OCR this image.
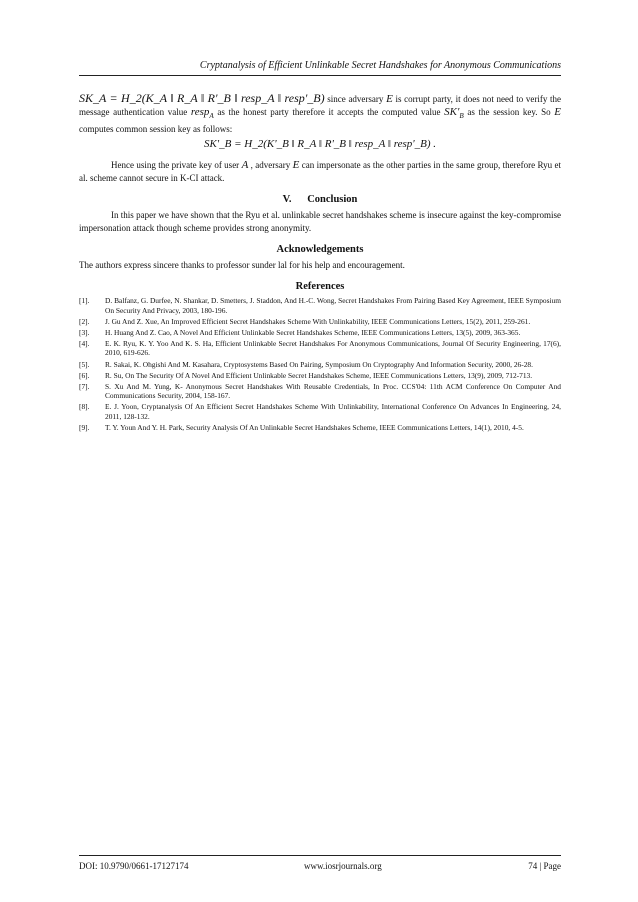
Cryptanalysis of Efficient Unlinkable Secret Handshakes for Anonymous Communications

SK_A = H_2(K_A ‖ R_A ‖ R'_B ‖ resp_A ‖ resp'_B) since adversary E is corrupt party, it does not need to verify the message authentication value resp$_A$ as the honest party therefore it accepts the computed value $SK'_B$ as the session key. So E computes common session key as follows:

SK'_B = H_2(K'_B ‖ R_A ‖ R'_B ‖ resp_A ‖ resp'_B) .

Hence using the private key of user A , adversary E can impersonate as the other parties in the same group, therefore Ryu et al. scheme cannot secure in K-CI attack.

V.      Conclusion

In this paper we have shown that the Ryu et al. unlinkable secret handshakes scheme is insecure against the key-compromise impersonation attack though scheme provides strong anonymity.

Acknowledgements

The authors express sincere thanks to professor sunder lal for his help and encouragement.

References
[1].	D. Balfanz, G. Durfee, N. Shankar, D. Smetters, J. Staddon, And H.-C. Wong, Secret Handshakes From Pairing Based Key Agreement, IEEE Symposium On Security And Privacy, 2003, 180-196.
[2].	J. Gu And Z. Xue, An Improved Efficient Secret Handshakes Scheme With Unlinkability, IEEE Communications Letters, 15(2), 2011, 259-261.
[3].	H. Huang And Z. Cao, A Novel And Efficient Unlinkable Secret Handshakes Scheme, IEEE Communications Letters, 13(5), 2009, 363-365.
[4].	E. K. Ryu, K. Y. Yoo And K. S. Ha, Efficient Unlinkable Secret Handshakes For Anonymous Communications, Journal Of Security Engineering, 17(6), 2010, 619-626.
[5].	R. Sakai, K. Ohgishi And M. Kasahara, Cryptosystems Based On Pairing, Symposium On Cryptography And Information Security, 2000, 26-28.
[6].	R. Su, On The Security Of A Novel And Efficient Unlinkable Secret Handshakes Scheme, IEEE Communications Letters, 13(9), 2009, 712-713.
[7].	S. Xu And M. Yung, K- Anonymous Secret Handshakes With Reusable Credentials, In Proc. CCS'04: 11th ACM Conference On Computer And Communications Security, 2004, 158-167.
[8].	E. J. Yoon, Cryptanalysis Of An Efficient Secret Handshakes Scheme With Unlinkability, International Conference On Advances In Engineering, 24, 2011, 128-132.
[9].	T. Y. Youn And Y. H. Park, Security Analysis Of An Unlinkable Secret Handshakes Scheme, IEEE Communications Letters, 14(1), 2010, 4-5.
DOI: 10.9790/0661-17127174	www.iosrjournals.org	74 | Page
